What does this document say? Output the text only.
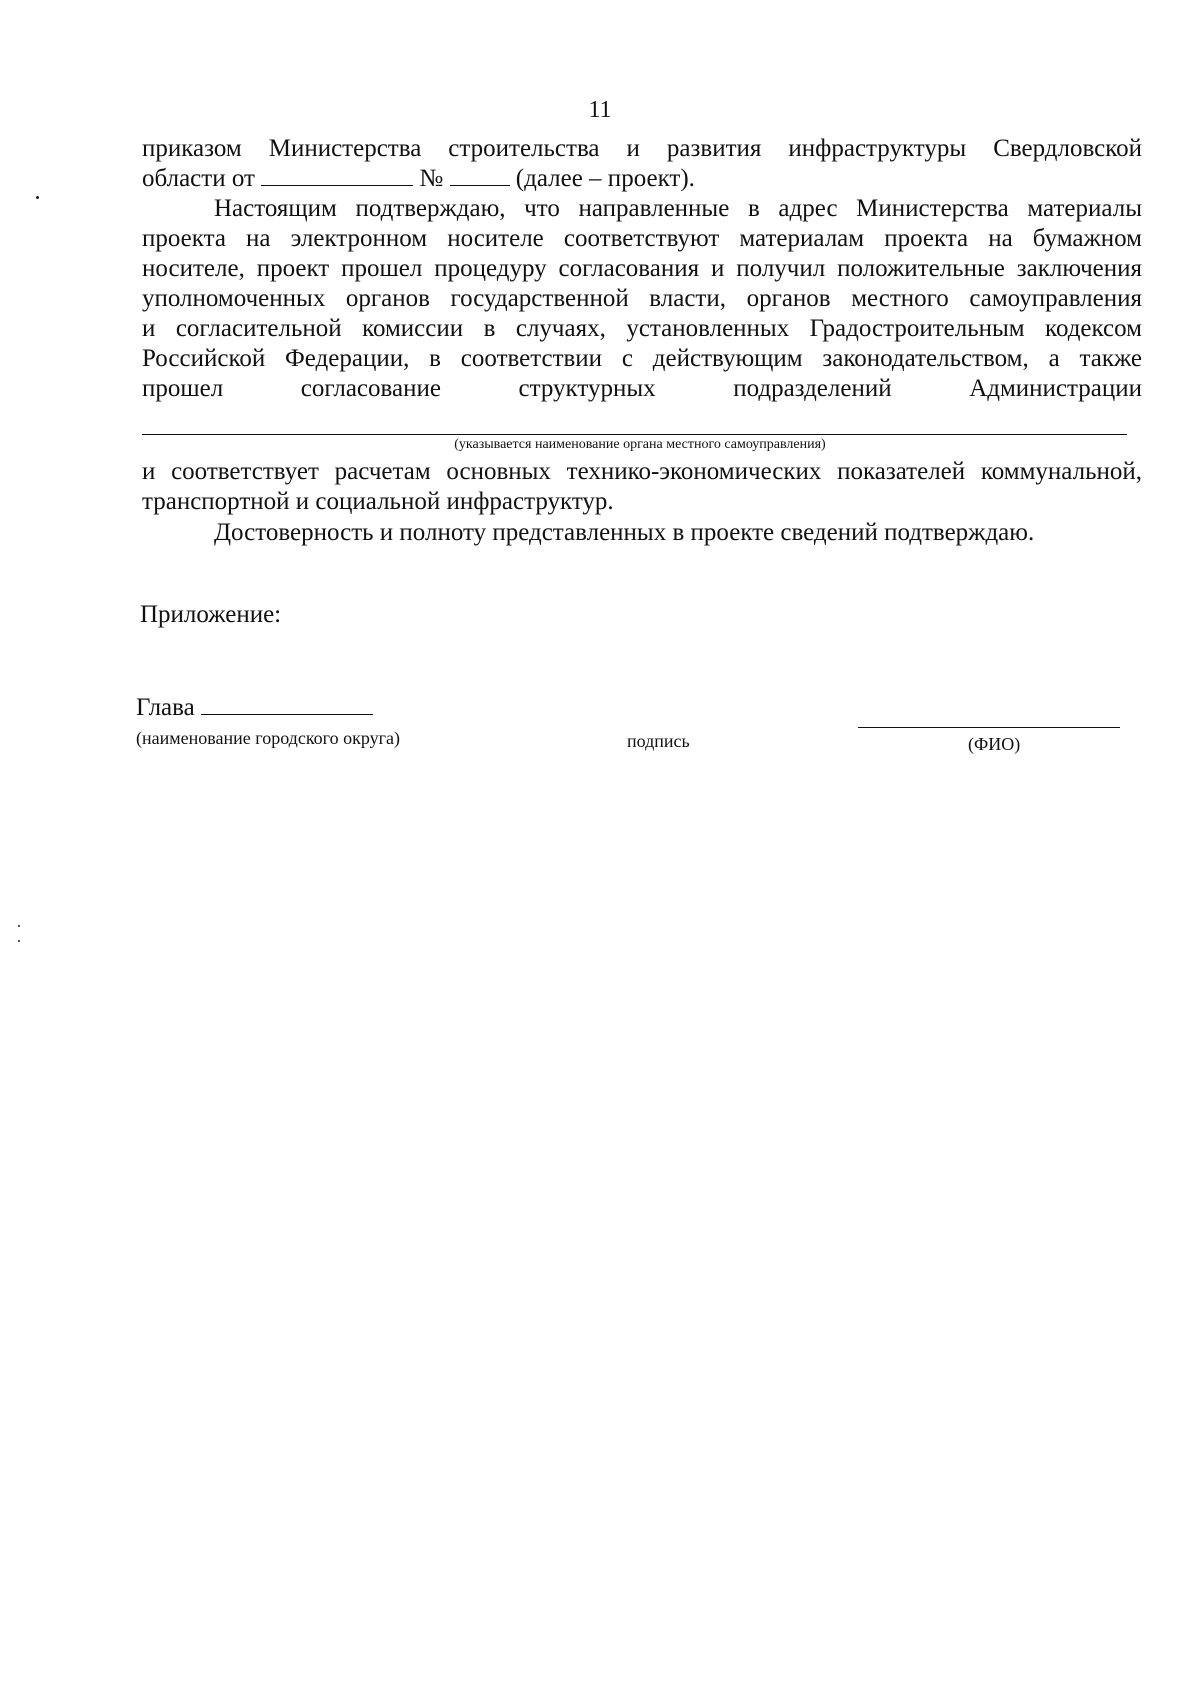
11
приказом Министерства строительства и развития инфраструктуры Свердловской
области от	№	(далее – проект).
Настоящим подтверждаю, что направленные в адрес Министерства материалы
проекта на электронном носителе соответствуют материалам проекта на бумажном
носителе, проект прошел процедуру согласования и получил положительные заключения
уполномоченных органов государственной власти, органов местного самоуправления
и согласительной комиссии в случаях, установленных Градостроительным кодексом
Российской Федерации, в соответствии с действующим законодательством, а также
прошел согласование структурных подразделений Администрации
(указывается наименование органа местного самоуправления)
и соответствует расчетам основных технико-экономических показателей коммунальной,
транспортной и социальной инфраструктур.
Достоверность и полноту представленных в проекте сведений подтверждаю.
Приложение:
Глава
(наименование городского округа)	подпись	(ФИО)
